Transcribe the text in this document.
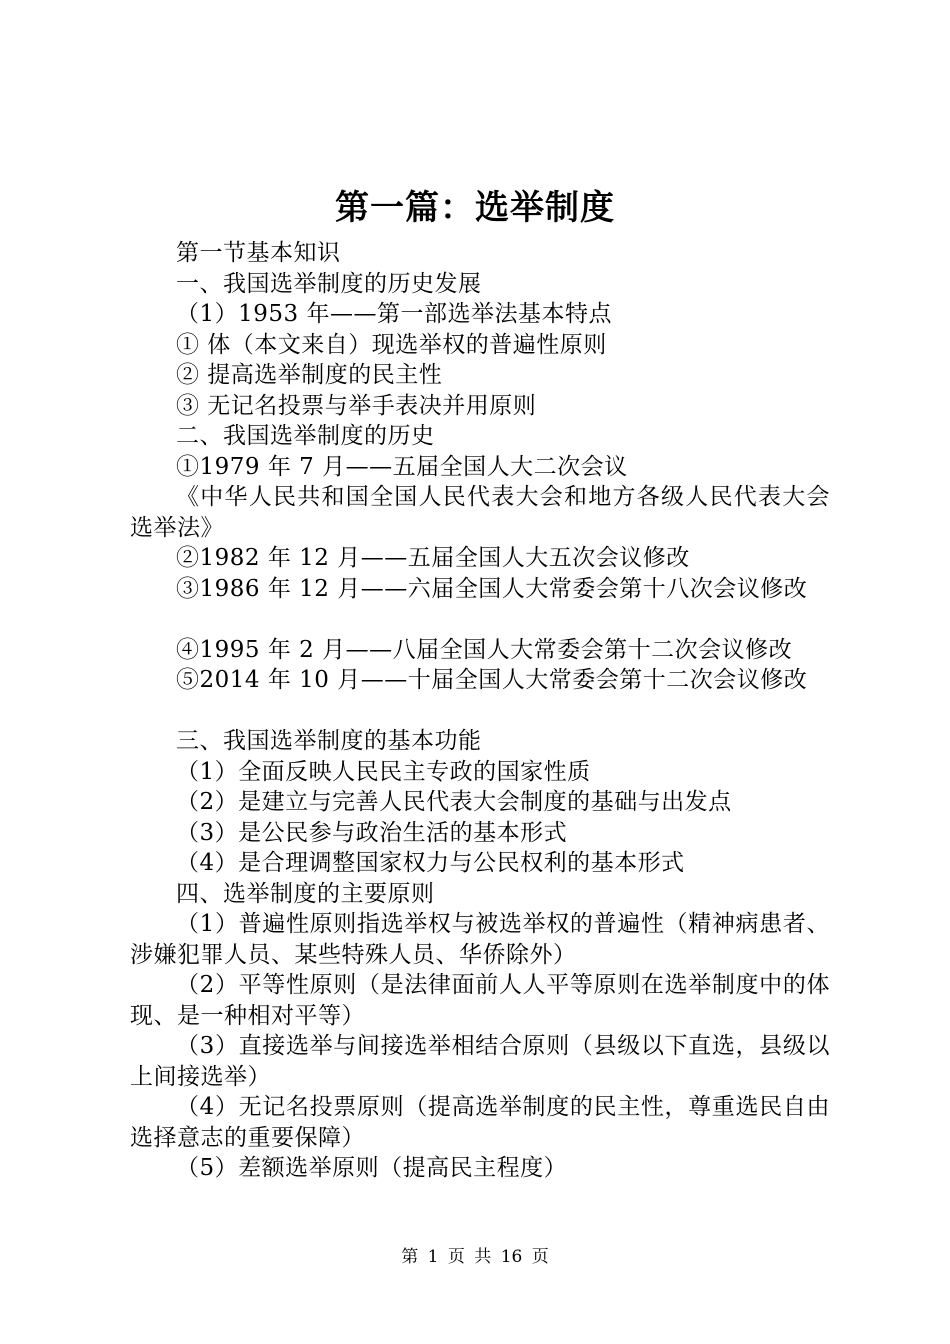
第一篇：选举制度

第一节基本知识

一、我国选举制度的历史发展

（1）1953 年——第一部选举法基本特点

① 体（本文来自）现选举权的普遍性原则

② 提高选举制度的民主性

③ 无记名投票与举手表决并用原则

二、我国选举制度的历史

①1979 年 7 月——五届全国人大二次会议

《中华人民共和国全国人民代表大会和地方各级人民代表大会选举法》

②1982 年 12 月——五届全国人大五次会议修改

③1986 年 12 月——六届全国人大常委会第十八次会议修改

④1995 年 2 月——八届全国人大常委会第十二次会议修改

⑤2014 年 10 月——十届全国人大常委会第十二次会议修改

三、我国选举制度的基本功能

（1）全面反映人民民主专政的国家性质

（2）是建立与完善人民代表大会制度的基础与出发点

（3）是公民参与政治生活的基本形式

（4）是合理调整国家权力与公民权利的基本形式

四、选举制度的主要原则

（1）普遍性原则指选举权与被选举权的普遍性（精神病患者、涉嫌犯罪人员、某些特殊人员、华侨除外）

（2）平等性原则（是法律面前人人平等原则在选举制度中的体现、是一种相对平等）

（3）直接选举与间接选举相结合原则（县级以下直选，县级以上间接选举）

（4）无记名投票原则（提高选举制度的民主性，尊重选民自由选择意志的重要保障）

（5）差额选举原则（提高民主程度）

第 1 页 共 16 页
